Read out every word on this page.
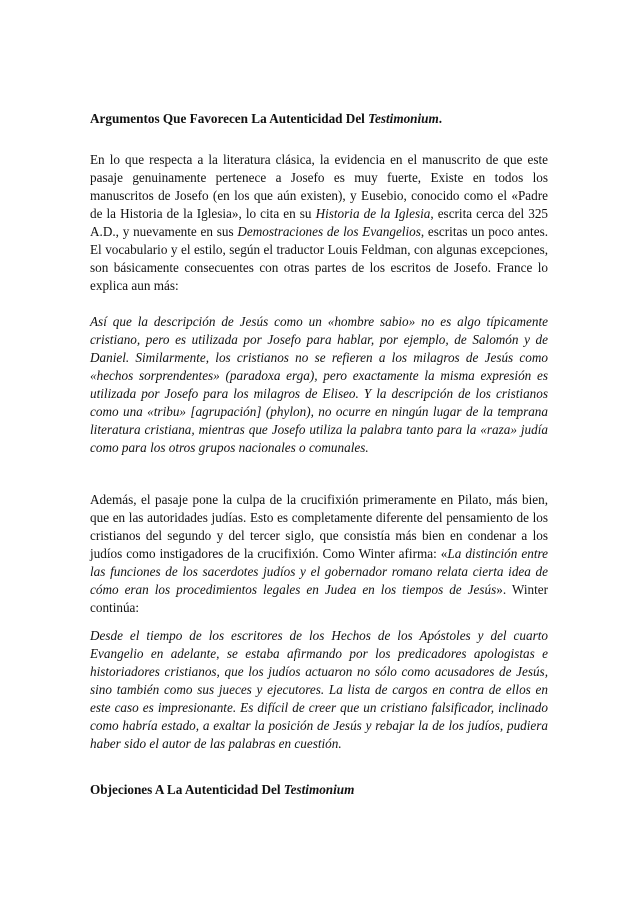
Argumentos Que Favorecen La Autenticidad Del Testimonium.

En lo que respecta a la literatura clásica, la evidencia en el manuscrito de que este pasaje genuinamente pertenece a Josefo es muy fuerte, Existe en todos los manuscritos de Josefo (en los que aún existen), y Eusebio, conocido como el «Padre de la Historia de la Iglesia», lo cita en su Historia de la Iglesia, escrita cerca del 325 A.D., y nuevamente en sus Demostraciones de los Evangelios, escritas un poco antes. El vocabulario y el estilo, según el traductor Louis Feldman, con algunas excepciones, son básicamente consecuentes con otras partes de los escritos de Josefo. France lo explica aun más:

Así que la descripción de Jesús como un «hombre sabio» no es algo típicamente cristiano, pero es utilizada por Josefo para hablar, por ejemplo, de Salomón y de Daniel. Similarmente, los cristianos no se refieren a los milagros de Jesús como «hechos sorprendentes» (paradoxa erga), pero exactamente la misma expresión es utilizada por Josefo para los milagros de Eliseo. Y la descripción de los cristianos como una «tribu» [agrupación] (phylon), no ocurre en ningún lugar de la temprana literatura cristiana, mientras que Josefo utiliza la palabra tanto para la «raza» judía como para los otros grupos nacionales o comunales.

Además, el pasaje pone la culpa de la crucifixión primeramente en Pilato, más bien, que en las autoridades judías. Esto es completamente diferente del pensamiento de los cristianos del segundo y del tercer siglo, que consistía más bien en condenar a los judíos como instigadores de la crucifixión. Como Winter afirma: «La distinción entre las funciones de los sacerdotes judíos y el gobernador romano relata cierta idea de cómo eran los procedimientos legales en Judea en los tiempos de Jesús». Winter continúa:

Desde el tiempo de los escritores de los Hechos de los Apóstoles y del cuarto Evangelio en adelante, se estaba afirmando por los predicadores apologistas e historiadores cristianos, que los judíos actuaron no sólo como acusadores de Jesús, sino también como sus jueces y ejecutores. La lista de cargos en contra de ellos en este caso es impresionante. Es difícil de creer que un cristiano falsificador, inclinado como habría estado, a exaltar la posición de Jesús y rebajar la de los judíos, pudiera haber sido el autor de las palabras en cuestión.

Objeciones A La Autenticidad Del Testimonium
